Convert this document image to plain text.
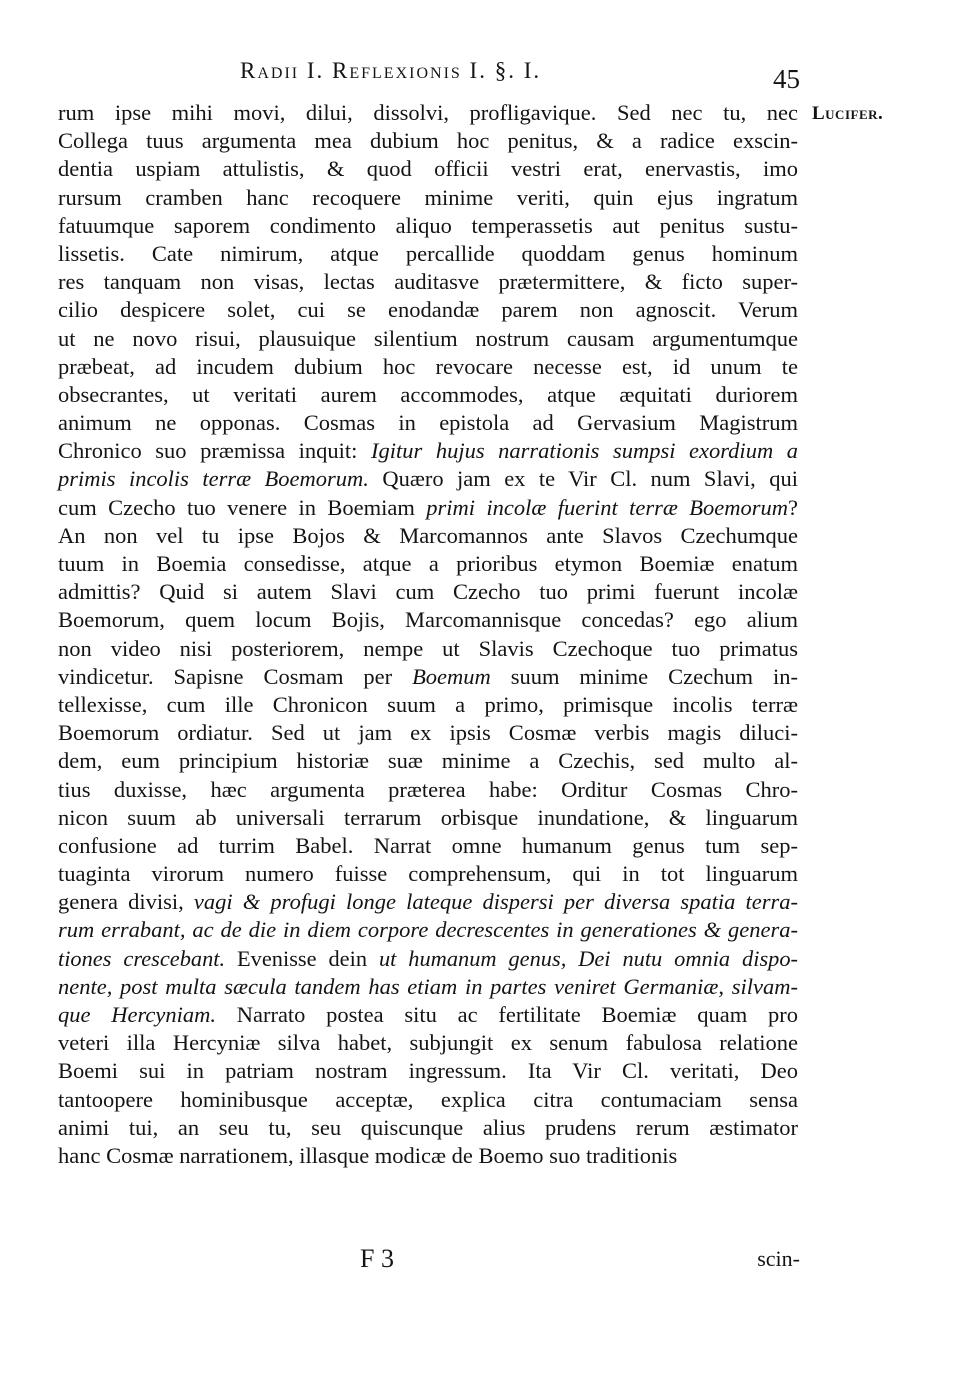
Radii I. Reflexionis I. §. I.	45
Lucifer.
rum ipse mihi movi, dilui, dissolvi, profligavique. Sed nec tu, nec
Collega tuus argumenta mea dubium hoc penitus, & a radice exscin-
dentia uspiam attulistis, & quod officii vestri erat, enervastis, imo
rursum cramben hanc recoquere minime veriti, quin ejus ingratum
fatuumque saporem condimento aliquo temperassetis aut penitus sustu-
lissetis. Cate nimirum, atque percallide quoddam genus hominum
res tanquam non visas, lectas auditasve prætermittere, & ficto super-
cilio despicere solet, cui se enodandæ parem non agnoscit. Verum
ut ne novo risui, plausuique silentium nostrum causam argumentumque
præbeat, ad incudem dubium hoc revocare necesse est, id unum te
obsecrantes, ut veritati aurem accommodes, atque æquitati duriorem
animum ne opponas. Cosmas in epistola ad Gervasium Magistrum
Chronico suo præmissa inquit: Igitur hujus narrationis sumpsi exordium a
primis incolis terræ Boemorum. Quæro jam ex te Vir Cl. num Slavi, qui
cum Czecho tuo venere in Boemiam primi incolæ fuerint terræ Boemorum?
An non vel tu ipse Bojos & Marcomannos ante Slavos Czechumque
tuum in Boemia consedisse, atque a prioribus etymon Boemiæ enatum
admittis? Quid si autem Slavi cum Czecho tuo primi fuerunt incolæ
Boemorum, quem locum Bojis, Marcomannisque concedas? ego alium
non video nisi posteriorem, nempe ut Slavis Czechoque tuo primatus
vindicetur. Sapisne Cosmam per Boemum suum minime Czechum in-
tellexisse, cum ille Chronicon suum a primo, primisque incolis terræ
Boemorum ordiatur. Sed ut jam ex ipsis Cosmæ verbis magis diluci-
dem, eum principium historiæ suæ minime a Czechis, sed multo al-
tius duxisse, hæc argumenta præterea habe: Orditur Cosmas Chro-
nicon suum ab universali terrarum orbisque inundatione, & linguarum
confusione ad turrim Babel. Narrat omne humanum genus tum sep-
tuaginta virorum numero fuisse comprehensum, qui in tot linguarum
genera divisi, vagi & profugi longe lateque dispersi per diversa spatia terra-
rum errabant, ac de die in diem corpore decrescentes in generationes & genera-
tiones crescebant. Evenisse dein ut humanum genus, Dei nutu omnia dispo-
nente, post multa sæcula tandem has etiam in partes veniret Germaniæ, silvam-
que Hercyniam. Narrato postea situ ac fertilitate Boemiæ quam pro
veteri illa Hercyniæ silva habet, subjungit ex senum fabulosa relatione
Boemi sui in patriam nostram ingressum. Ita Vir Cl. veritati, Deo
tantoopere hominibusque acceptæ, explica citra contumaciam sensa
animi tui, an seu tu, seu quiscunque alius prudens rerum æstimator
hanc Cosmæ narrationem, illasque modicæ de Boemo suo traditionis
F 3	scin-
